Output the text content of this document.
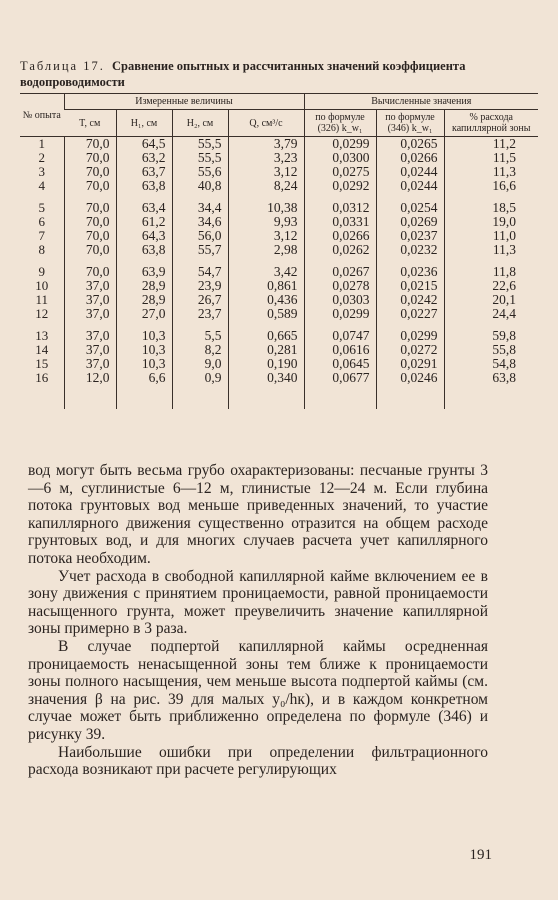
Таблица 17. Сравнение опытных и рассчитанных значений коэффициента водопроводимости
№ опыта	Измеренные величины				Вычисленные значения		
	T, см	H₁, см	H₂, см	Q, см³/с	по формуле (326) k_w₁	по формуле (346) k_w₁	% расхода капиллярной зоны
1	70,0	64,5	55,5	3,79	0,0299	0,0265	11,2
2	70,0	63,2	55,5	3,23	0,0300	0,0266	11,5
3	70,0	63,7	55,6	3,12	0,0275	0,0244	11,3
4	70,0	63,8	40,8	8,24	0,0292	0,0244	16,6

5	70,0	63,4	34,4	10,38	0,0312	0,0254	18,5
6	70,0	61,2	34,6	9,93	0,0331	0,0269	19,0
7	70,0	64,3	56,0	3,12	0,0266	0,0237	11,0
8	70,0	63,8	55,7	2,98	0,0262	0,0232	11,3

9	70,0	63,9	54,7	3,42	0,0267	0,0236	11,8
10	37,0	28,9	23,9	0,861	0,0278	0,0215	22,6
11	37,0	28,9	26,7	0,436	0,0303	0,0242	20,1
12	37,0	27,0	23,7	0,589	0,0299	0,0227	24,4

13	37,0	10,3	5,5	0,665	0,0747	0,0299	59,8
14	37,0	10,3	8,2	0,281	0,0616	0,0272	55,8
15	37,0	10,3	9,0	0,190	0,0645	0,0291	54,8
16	12,0	6,6	0,9	0,340	0,0677	0,0246	63,8

вод могут быть весьма грубо охарактеризованы: песчаные грунты 3—6 м, суглинистые 6—12 м, глинистые 12—24 м. Если глубина потока грунтовых вод меньше приведенных значений, то участие капиллярного движения существенно отразится на общем расходе грунтовых вод, и для многих случаев расчета учет капиллярного потока необходим.

Учет расхода в свободной капиллярной кайме включением ее в зону движения с принятием проницаемости, равной проницаемости насыщенного грунта, может преувеличить значение капиллярной зоны примерно в 3 раза.

В случае подпертой капиллярной каймы осредненная проницаемость ненасыщенной зоны тем ближе к проницаемости зоны полного насыщения, чем меньше высота подпертой каймы (см. значения β на рис. 39 для малых y₀/hк), и в каждом конкретном случае может быть приближенно определена по формуле (346) и рисунку 39.

Наибольшие ошибки при определении фильтрационного расхода возникают при расчете регулирующих

191
